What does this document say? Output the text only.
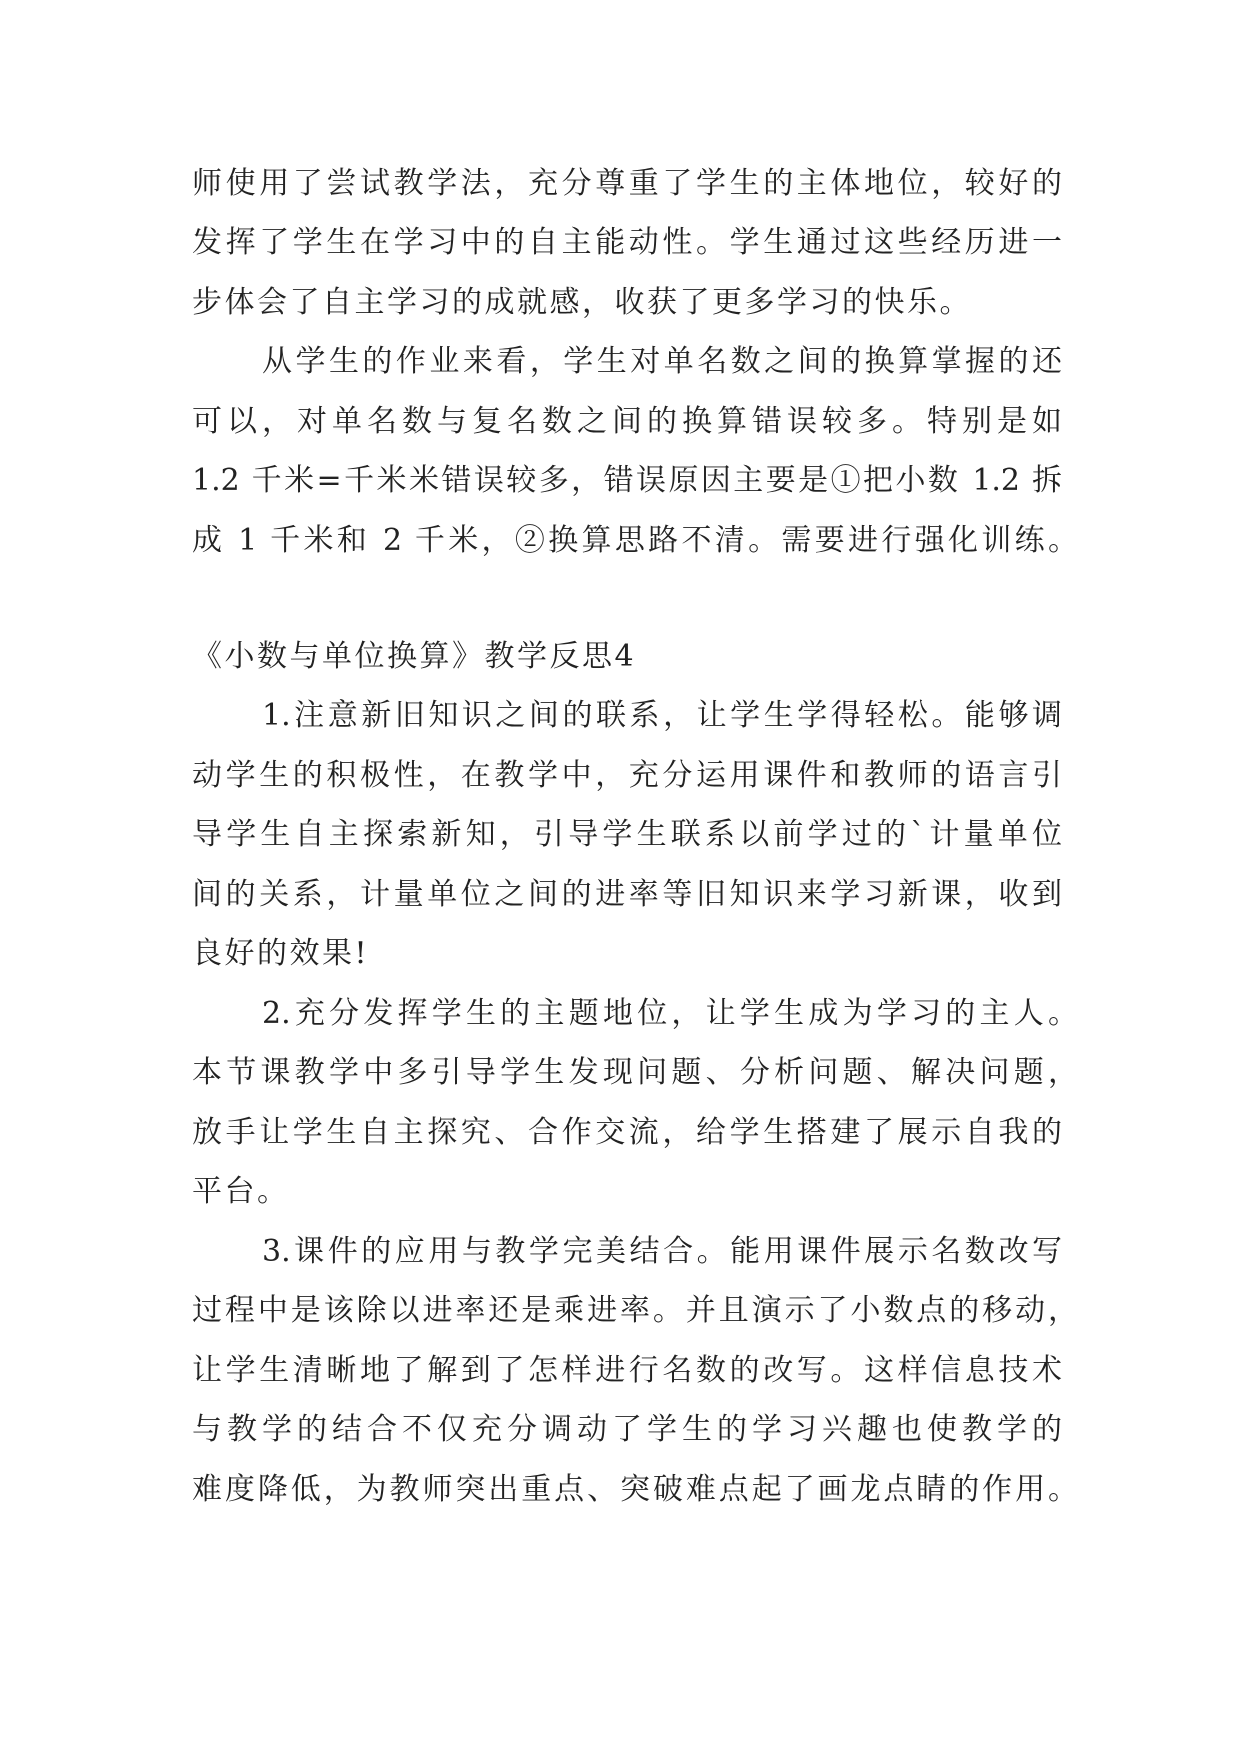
师使用了尝试教学法，充分尊重了学生的主体地位，较好的
发挥了学生在学习中的自主能动性。学生通过这些经历进一
步体会了自主学习的成就感，收获了更多学习的快乐。
从学生的作业来看，学生对单名数之间的换算掌握的还
可以，对单名数与复名数之间的换算错误较多。特别是如
1.2 千米=千米米错误较多，错误原因主要是①把小数 1.2 拆
成 1 千米和 2 千米，②换算思路不清。需要进行强化训练。
《小数与单位换算》教学反思4
1.注意新旧知识之间的联系，让学生学得轻松。能够调
动学生的积极性，在教学中，充分运用课件和教师的语言引
导学生自主探索新知，引导学生联系以前学过的`计量单位
间的关系，计量单位之间的进率等旧知识来学习新课，收到
良好的效果!
2.充分发挥学生的主题地位，让学生成为学习的主人。
本节课教学中多引导学生发现问题、分析问题、解决问题，
放手让学生自主探究、合作交流，给学生搭建了展示自我的
平台。
3.课件的应用与教学完美结合。能用课件展示名数改写
过程中是该除以进率还是乘进率。并且演示了小数点的移动，
让学生清晰地了解到了怎样进行名数的改写。这样信息技术
与教学的结合不仅充分调动了学生的学习兴趣也使教学的
难度降低，为教师突出重点、突破难点起了画龙点睛的作用。
